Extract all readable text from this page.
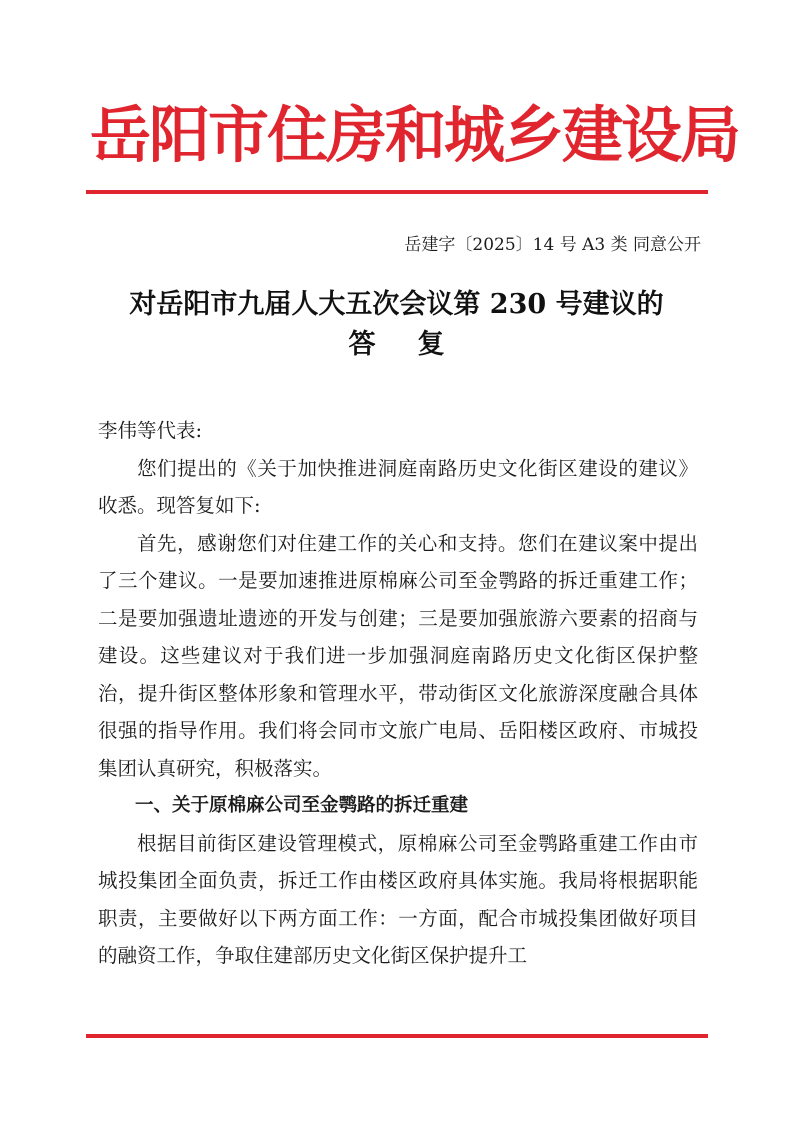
岳阳市住房和城乡建设局
岳建字〔2025〕14 号 A3 类 同意公开
对岳阳市九届人大五次会议第 230 号建议的
答复

李伟等代表:

您们提出的《关于加快推进洞庭南路历史文化街区建设的建议》收悉。现答复如下:

首先，感谢您们对住建工作的关心和支持。您们在建议案中提出了三个建议。一是要加速推进原棉麻公司至金鹗路的拆迁重建工作；二是要加强遗址遗迹的开发与创建；三是要加强旅游六要素的招商与建设。这些建议对于我们进一步加强洞庭南路历史文化街区保护整治，提升街区整体形象和管理水平，带动街区文化旅游深度融合具体很强的指导作用。我们将会同市文旅广电局、岳阳楼区政府、市城投集团认真研究，积极落实。

一、关于原棉麻公司至金鹗路的拆迁重建

根据目前街区建设管理模式，原棉麻公司至金鹗路重建工作由市城投集团全面负责，拆迁工作由楼区政府具体实施。我局将根据职能职责，主要做好以下两方面工作：一方面，配合市城投集团做好项目的融资工作，争取住建部历史文化街区保护提升工
